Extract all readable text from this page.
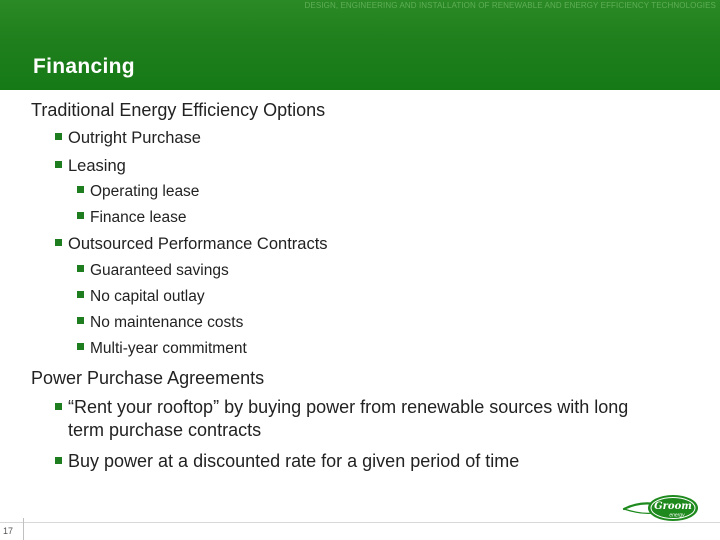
DESIGN, ENGINEERING AND INSTALLATION OF RENEWABLE AND ENERGY EFFICIENCY TECHNOLOGIES
Financing
Traditional Energy Efficiency Options
Outright Purchase
Leasing
Operating lease
Finance lease
Outsourced Performance Contracts
Guaranteed savings
No capital outlay
No maintenance costs
Multi-year commitment
Power Purchase Agreements
“Rent your rooftop” by buying power from renewable sources with long
term purchase contracts
Buy power at a discounted rate for a given period of time
17
Groom
energy
